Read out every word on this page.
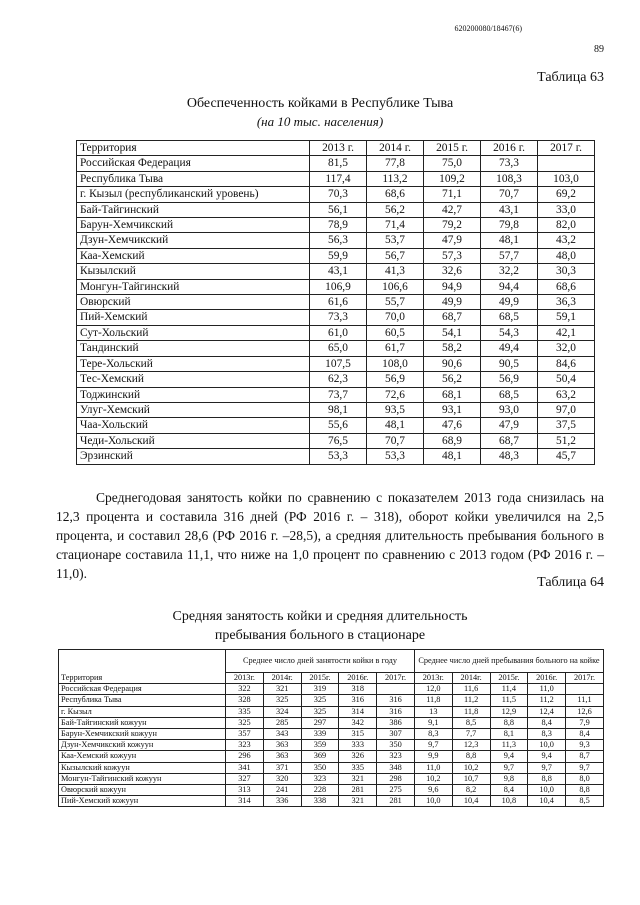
620200080/18467(6)
89
Таблица 63
Обеспеченность койками в Республике Тыва
(на 10 тыс. населения)
Территория	2013 г.	2014 г.	2015 г.	2016 г.	2017 г.
Российская Федерация	81,5	77,8	75,0	73,3	
Республика Тыва	117,4	113,2	109,2	108,3	103,0
г. Кызыл (республиканский уровень)	70,3	68,6	71,1	70,7	69,2
Бай-Тайгинский	56,1	56,2	42,7	43,1	33,0
Барун-Хемчикский	78,9	71,4	79,2	79,8	82,0
Дзун-Хемчикский	56,3	53,7	47,9	48,1	43,2
Каа-Хемский	59,9	56,7	57,3	57,7	48,0
Кызылский	43,1	41,3	32,6	32,2	30,3
Монгун-Тайгинский	106,9	106,6	94,9	94,4	68,6
Овюрский	61,6	55,7	49,9	49,9	36,3
Пий-Хемский	73,3	70,0	68,7	68,5	59,1
Сут-Хольский	61,0	60,5	54,1	54,3	42,1
Тандинский	65,0	61,7	58,2	49,4	32,0
Тере-Хольский	107,5	108,0	90,6	90,5	84,6
Тес-Хемский	62,3	56,9	56,2	56,9	50,4
Тоджинский	73,7	72,6	68,1	68,5	63,2
Улуг-Хемский	98,1	93,5	93,1	93,0	97,0
Чаа-Хольский	55,6	48,1	47,6	47,9	37,5
Чеди-Хольский	76,5	70,7	68,9	68,7	51,2
Эрзинский	53,3	53,3	48,1	48,3	45,7

Среднегодовая занятость койки по сравнению с показателем 2013 года снизилась на 12,3 процента и составила 316 дней (РФ 2016 г. – 318), оборот койки увеличился на 2,5 процента, и составил 28,6 (РФ 2016 г. –28,5), а средняя длительность пребывания больного в стационаре составила 11,1, что ниже на 1,0 процент по сравнению с 2013 годом (РФ 2016 г. – 11,0).

Таблица 64
Средняя занятость койки и средняя длительность
пребывания больного в стационаре
Территория	Среднее число дней занятости койки в году					Среднее число дней пребывания больного на койке				
	2013г.	2014г.	2015г.	2016г.	2017г.	2013г.	2014г.	2015г.	2016г.	2017г.
Российская Федерация	322	321	319	318		12,0	11,6	11,4	11,0	
Республика Тыва	328	325	325	316	316	11,8	11,2	11,5	11,2	11,1
г. Кызыл	335	324	325	314	316	13	11,8	12,9	12,4	12,6
Бай-Тайгинский кожуун	325	285	297	342	386	9,1	8,5	8,8	8,4	7,9
Барун-Хемчикский кожуун	357	343	339	315	307	8,3	7,7	8,1	8,3	8,4
Дзун-Хемчикский кожуун	323	363	359	333	350	9,7	12,3	11,3	10,0	9,3
Каа-Хемский кожуун	296	363	369	326	323	9,9	8,8	9,4	9,4	8,7
Кызылский кожуун	341	371	350	335	348	11,0	10,2	9,7	9,7	9,7
Монгун-Тайгинский кожуун	327	320	323	321	298	10,2	10,7	9,8	8,8	8,0
Овюрский кожуун	313	241	228	281	275	9,6	8,2	8,4	10,0	8,8
Пий-Хемский кожуун	314	336	338	321	281	10,0	10,4	10,8	10,4	8,5
